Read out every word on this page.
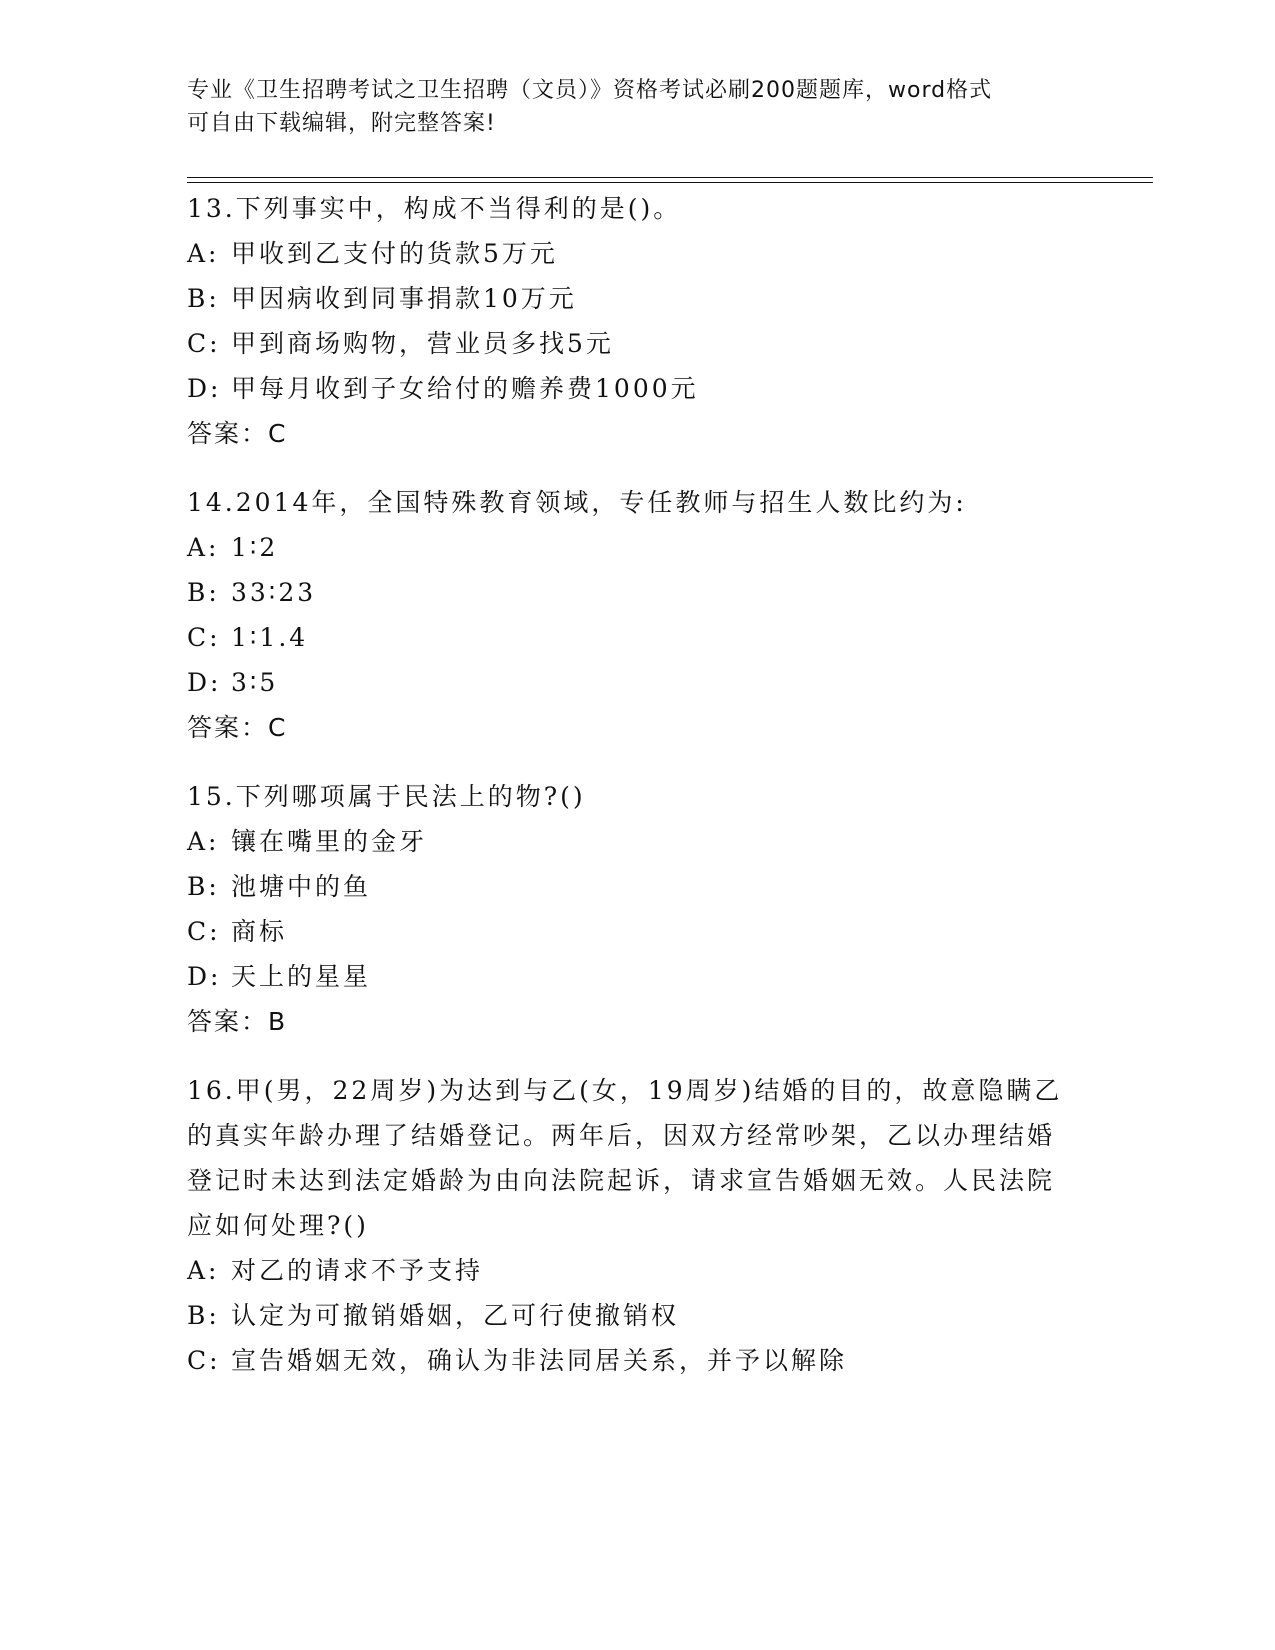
专业《卫生招聘考试之卫生招聘（文员）》资格考试必刷200题题库，word格式
可自由下载编辑，附完整答案!
13.下列事实中，构成不当得利的是()。
A: 甲收到乙支付的货款5万元
B: 甲因病收到同事捐款10万元
C: 甲到商场购物，营业员多找5元
D: 甲每月收到子女给付的赡养费1000元
答案：C
14.2014年，全国特殊教育领域，专任教师与招生人数比约为:
A: 1∶2
B: 33∶23
C: 1∶1.4
D: 3∶5
答案：C
15.下列哪项属于民法上的物?()
A: 镶在嘴里的金牙
B: 池塘中的鱼
C: 商标
D: 天上的星星
答案：B
16.甲(男，22周岁)为达到与乙(女，19周岁)结婚的目的，故意隐瞒乙的真实年龄办理了结婚登记。两年后，因双方经常吵架，乙以办理结婚登记时未达到法定婚龄为由向法院起诉，请求宣告婚姻无效。人民法院应如何处理?()
A: 对乙的请求不予支持
B: 认定为可撤销婚姻，乙可行使撤销权
C: 宣告婚姻无效，确认为非法同居关系，并予以解除
